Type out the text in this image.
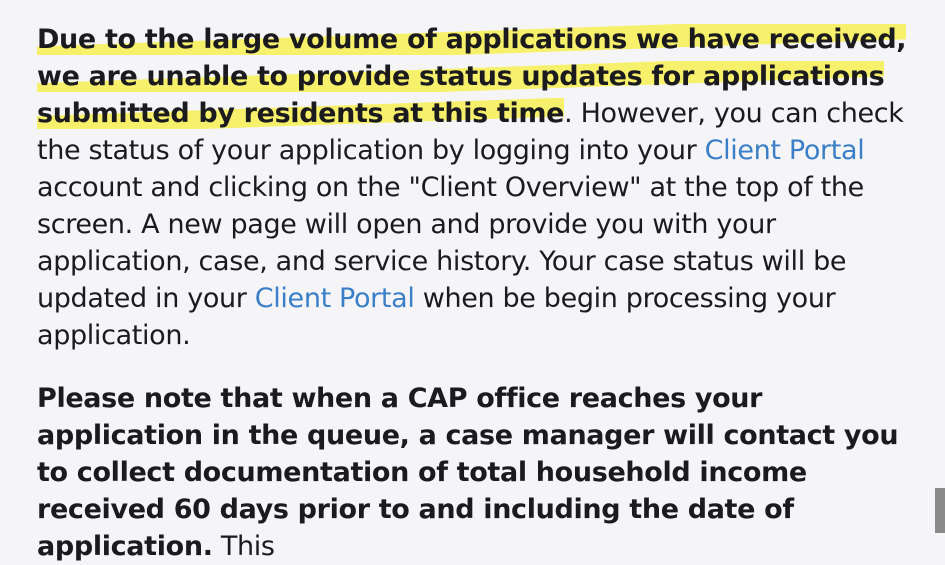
Due to the large volume of applications we have received, we are unable to provide status updates for applications submitted by residents at this time. However, you can check the status of your application by logging into your Client Portal account and clicking on the "Client Overview" at the top of the screen. A new page will open and provide you with your application, case, and service history. Your case status will be updated in your Client Portal when be begin processing your application.

Please note that when a CAP office reaches your application in the queue, a case manager will contact you to collect documentation of total household income received 60 days prior to and including the date of application. This
